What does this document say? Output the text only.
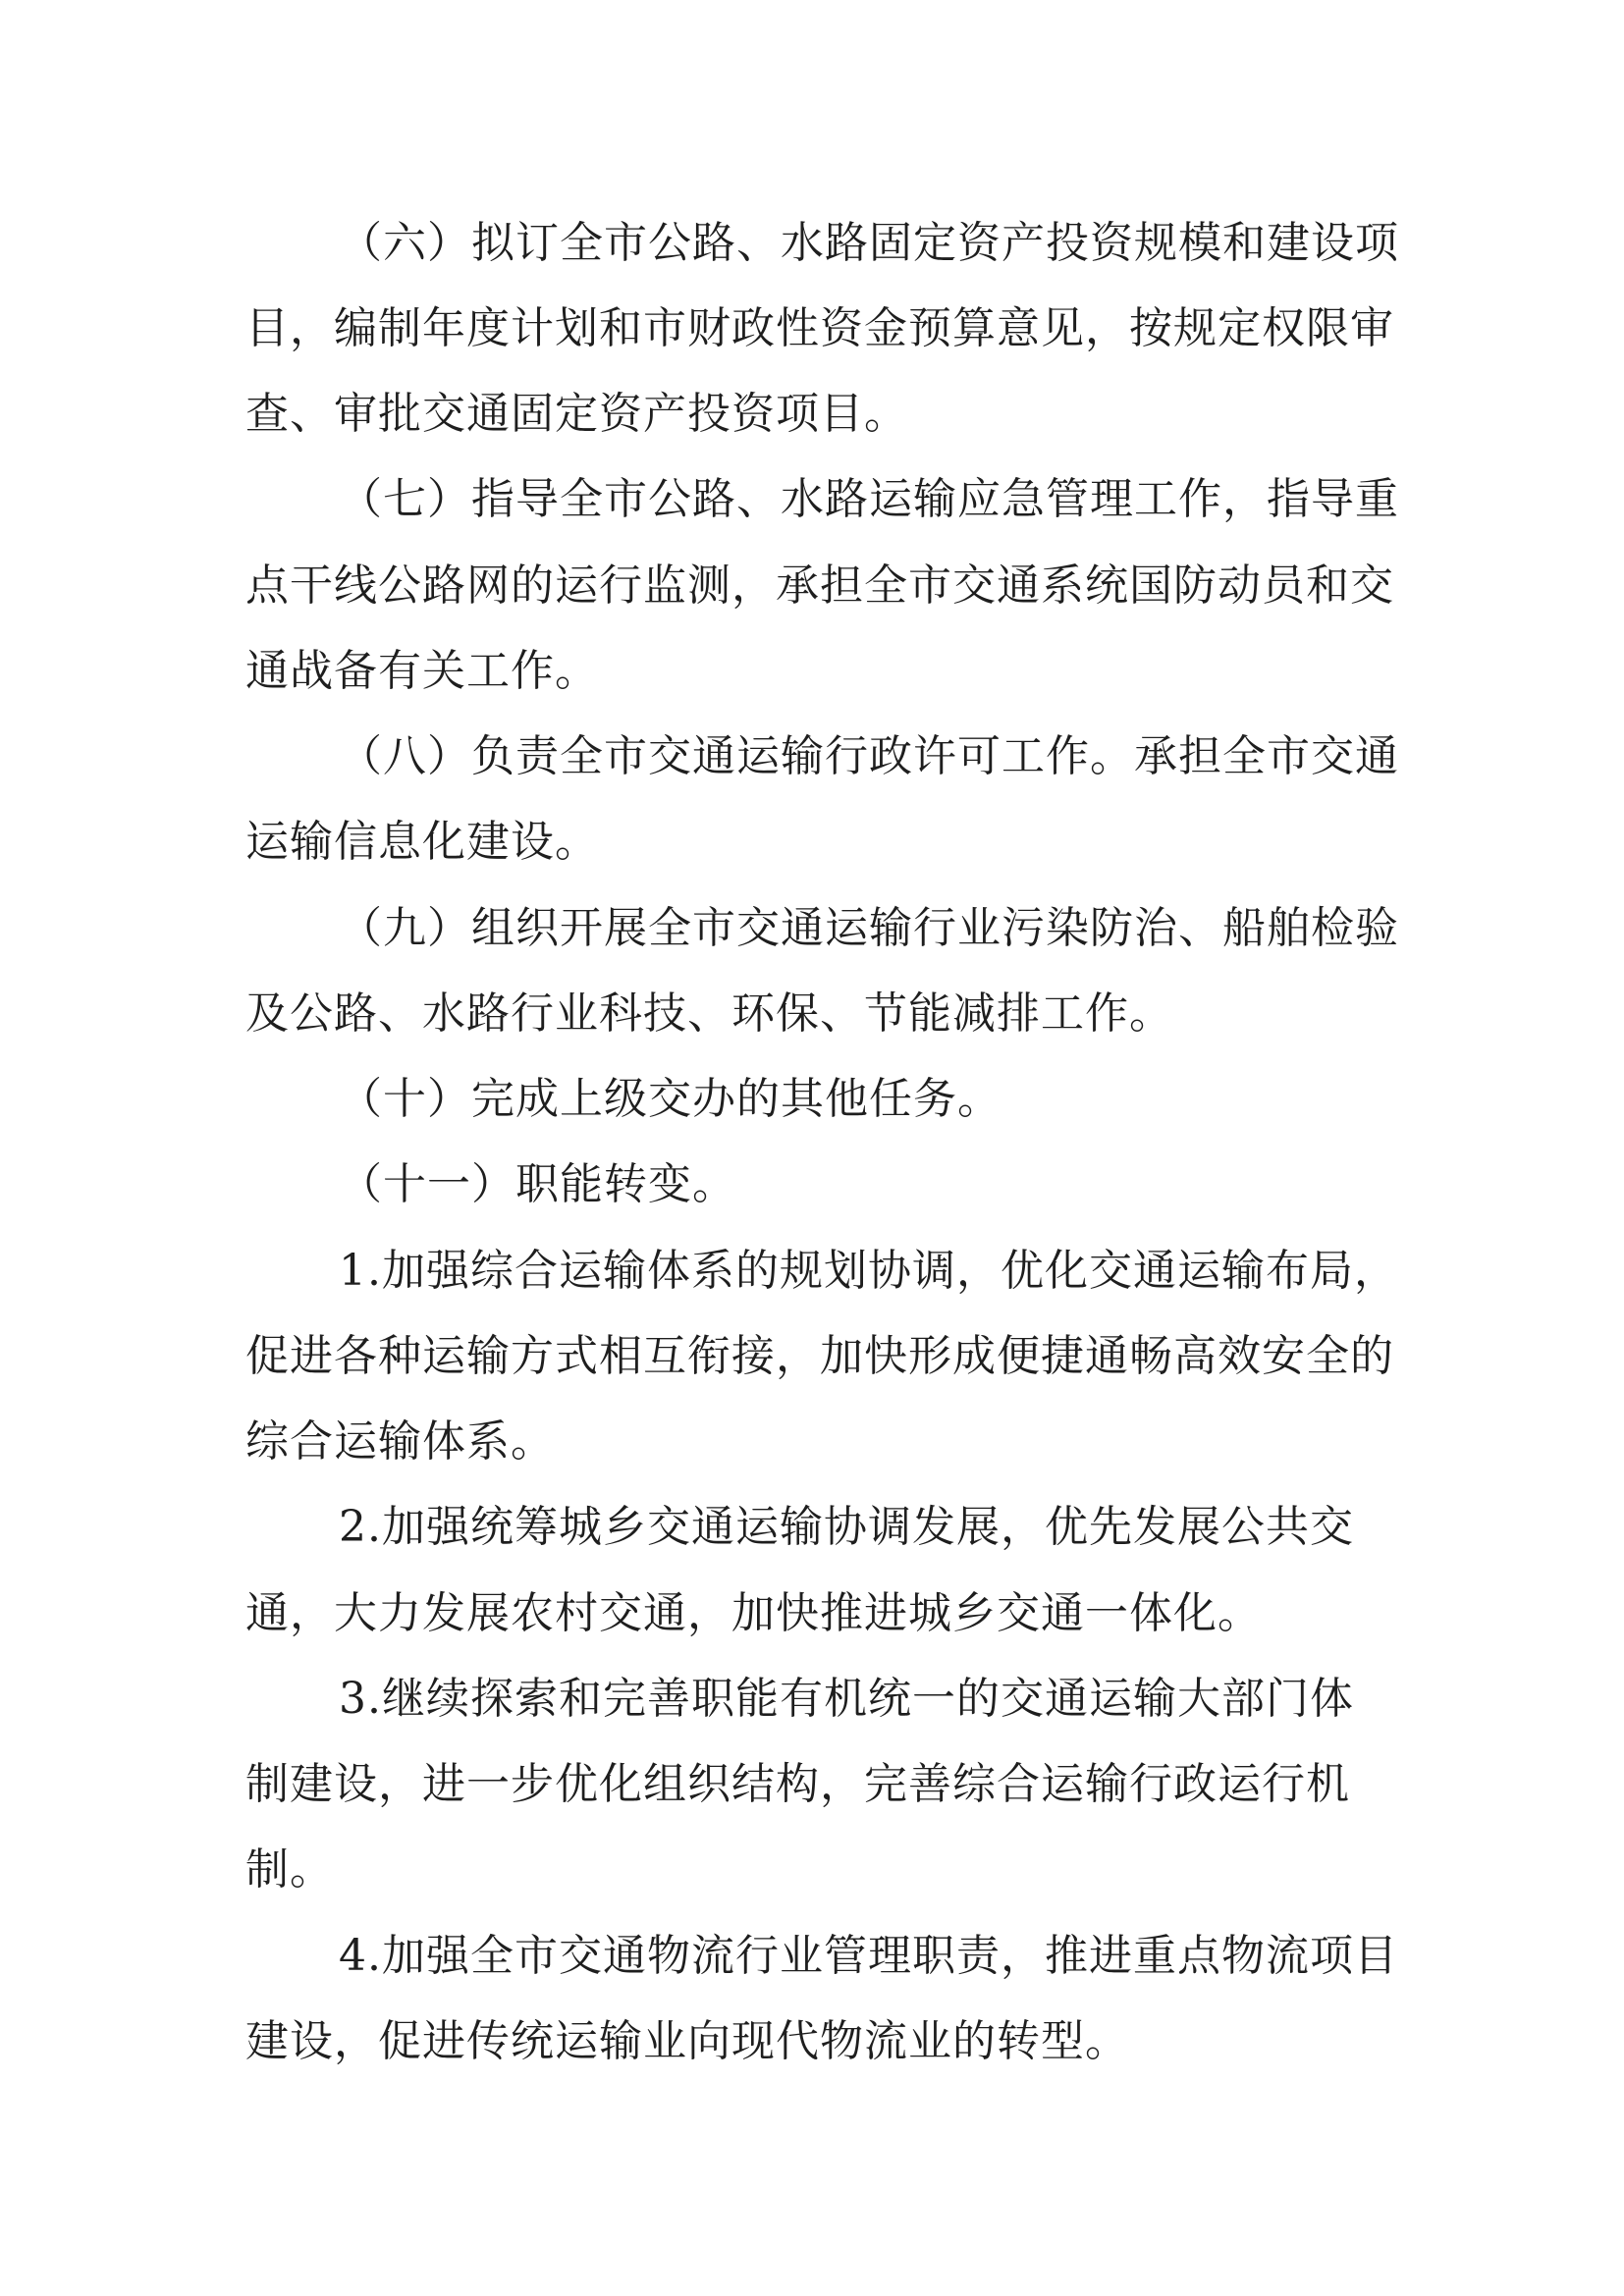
（六）拟订全市公路、水路固定资产投资规模和建设项

目，编制年度计划和市财政性资金预算意见，按规定权限审

查、审批交通固定资产投资项目。

（七）指导全市公路、水路运输应急管理工作，指导重

点干线公路网的运行监测，承担全市交通系统国防动员和交

通战备有关工作。

（八）负责全市交通运输行政许可工作。承担全市交通

运输信息化建设。

（九）组织开展全市交通运输行业污染防治、船舶检验

及公路、水路行业科技、环保、节能减排工作。

（十）完成上级交办的其他任务。

（十一）职能转变。

1.加强综合运输体系的规划协调，优化交通运输布局，

促进各种运输方式相互衔接，加快形成便捷通畅高效安全的

综合运输体系。

2.加强统筹城乡交通运输协调发展，优先发展公共交

通，大力发展农村交通，加快推进城乡交通一体化。

3.继续探索和完善职能有机统一的交通运输大部门体

制建设，进一步优化组织结构，完善综合运输行政运行机

制。

4.加强全市交通物流行业管理职责，推进重点物流项目

建设，促进传统运输业向现代物流业的转型。
